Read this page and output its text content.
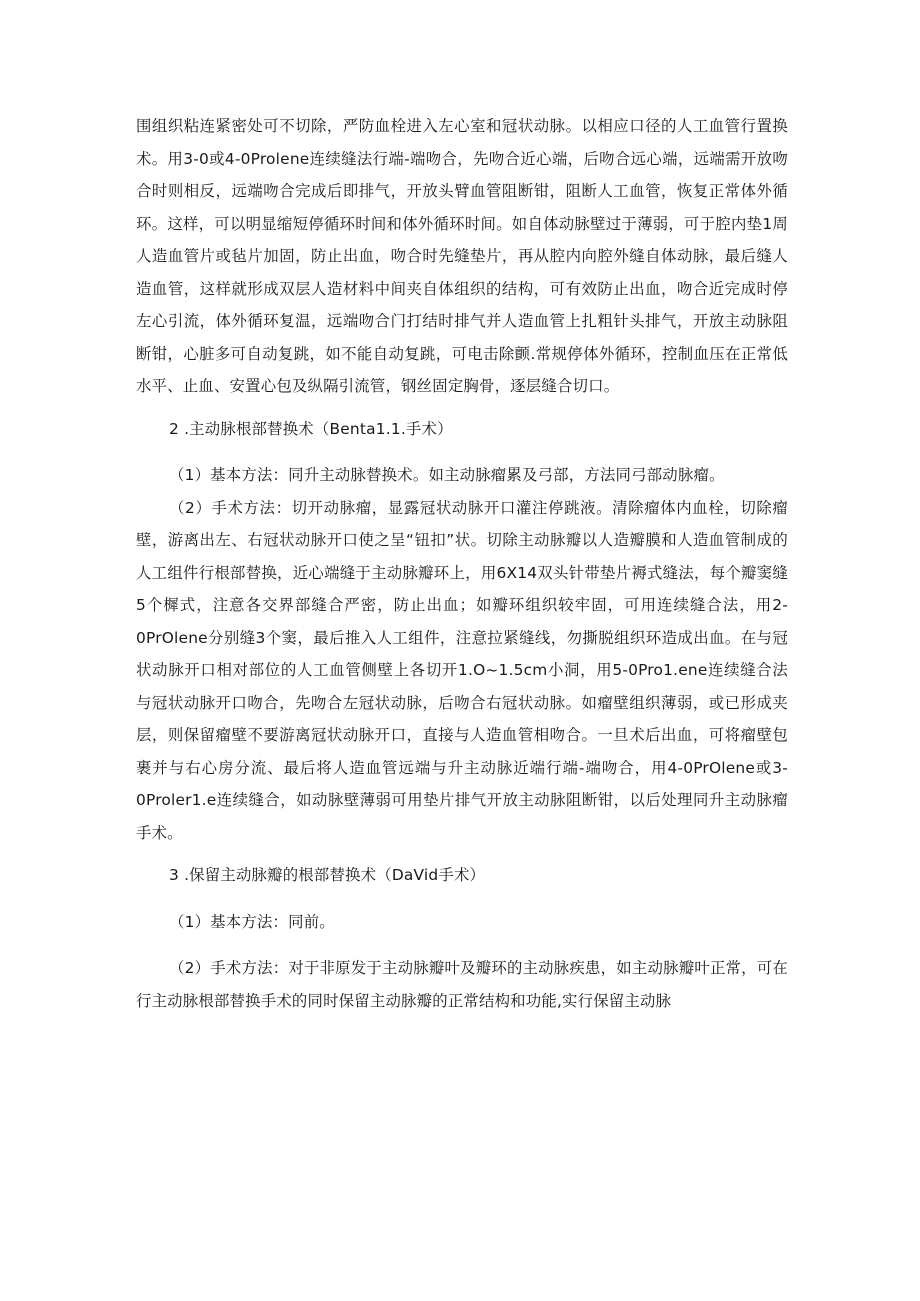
围组织粘连紧密处可不切除，严防血栓进入左心室和冠状动脉。以相应口径的人工血管行置换术。用3-0或4-0Prolene连续缝法行端-端吻合，先吻合近心端，后吻合远心端，远端需开放吻合时则相反，远端吻合完成后即排气，开放头臂血管阻断钳，阻断人工血管，恢复正常体外循环。这样，可以明显缩短停循环时间和体外循环时间。如自体动脉壁过于薄弱，可于腔内垫1周人造血管片或毡片加固，防止出血，吻合时先缝垫片，再从腔内向腔外缝自体动脉，最后缝人造血管，这样就形成双层人造材料中间夹自体组织的结构，可有效防止出血，吻合近完成时停左心引流，体外循环复温，远端吻合门打结时排气并人造血管上扎粗针头排气，开放主动脉阻断钳，心脏多可自动复跳，如不能自动复跳，可电击除颤.常规停体外循环，控制血压在正常低水平、止血、安置心包及纵隔引流管，钢丝固定胸骨，逐层缝合切口。

2 .主动脉根部替换术（Benta1.1.手术）

（1）基本方法：同升主动脉替换术。如主动脉瘤累及弓部，方法同弓部动脉瘤。

（2）手术方法：切开动脉瘤，显露冠状动脉开口灌注停跳液。清除瘤体内血栓，切除瘤壁，游离出左、右冠状动脉开口使之呈“钮扣”状。切除主动脉瓣以人造瓣膜和人造血管制成的人工组件行根部替换，近心端缝于主动脉瓣环上，用6X14双头针带垫片褥式缝法，每个瓣窦缝5个樨式，注意各交界部缝合严密，防止出血；如瓣环组织较牢固，可用连续缝合法，用2-0PrOlene分别缝3个窦，最后推入人工组件，注意拉紧缝线，勿撕脱组织环造成出血。在与冠状动脉开口相对部位的人工血管侧壁上各切开1.O~1.5cm小洞，用5-0Pro1.ene连续缝合法与冠状动脉开口吻合，先吻合左冠状动脉，后吻合右冠状动脉。如瘤壁组织薄弱，或已形成夹层，则保留瘤壁不要游离冠状动脉开口，直接与人造血管相吻合。一旦术后出血，可将瘤壁包裹并与右心房分流、最后将人造血管远端与升主动脉近端行端-端吻合，用4-0PrOlene或3-0Proler1.e连续缝合，如动脉壁薄弱可用垫片排气开放主动脉阻断钳，以后处理同升主动脉瘤手术。

3 .保留主动脉瓣的根部替换术（DaVid手术）

（1）基本方法：同前。

（2）手术方法：对于非原发于主动脉瓣叶及瓣环的主动脉疾患，如主动脉瓣叶正常，可在行主动脉根部替换手术的同时保留主动脉瓣的正常结构和功能,实行保留主动脉
